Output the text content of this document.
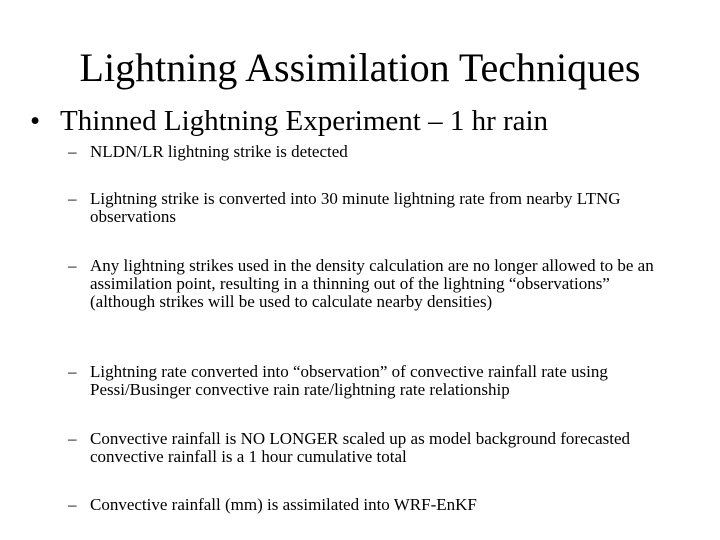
Lightning Assimilation Techniques
• Thinned Lightning Experiment – 1 hr rain
– NLDN/LR lightning strike is detected
– Lightning strike is converted into 30 minute lightning rate from nearby LTNG observations
– Any lightning strikes used in the density calculation are no longer allowed to be an assimilation point, resulting in a thinning out of the lightning “observations” (although strikes will be used to calculate nearby densities)
– Lightning rate converted into “observation” of convective rainfall rate using Pessi/Businger convective rain rate/lightning rate relationship
– Convective rainfall is NO LONGER scaled up as model background forecasted convective rainfall is a 1 hour cumulative total
– Convective rainfall (mm) is assimilated into WRF-EnKF
